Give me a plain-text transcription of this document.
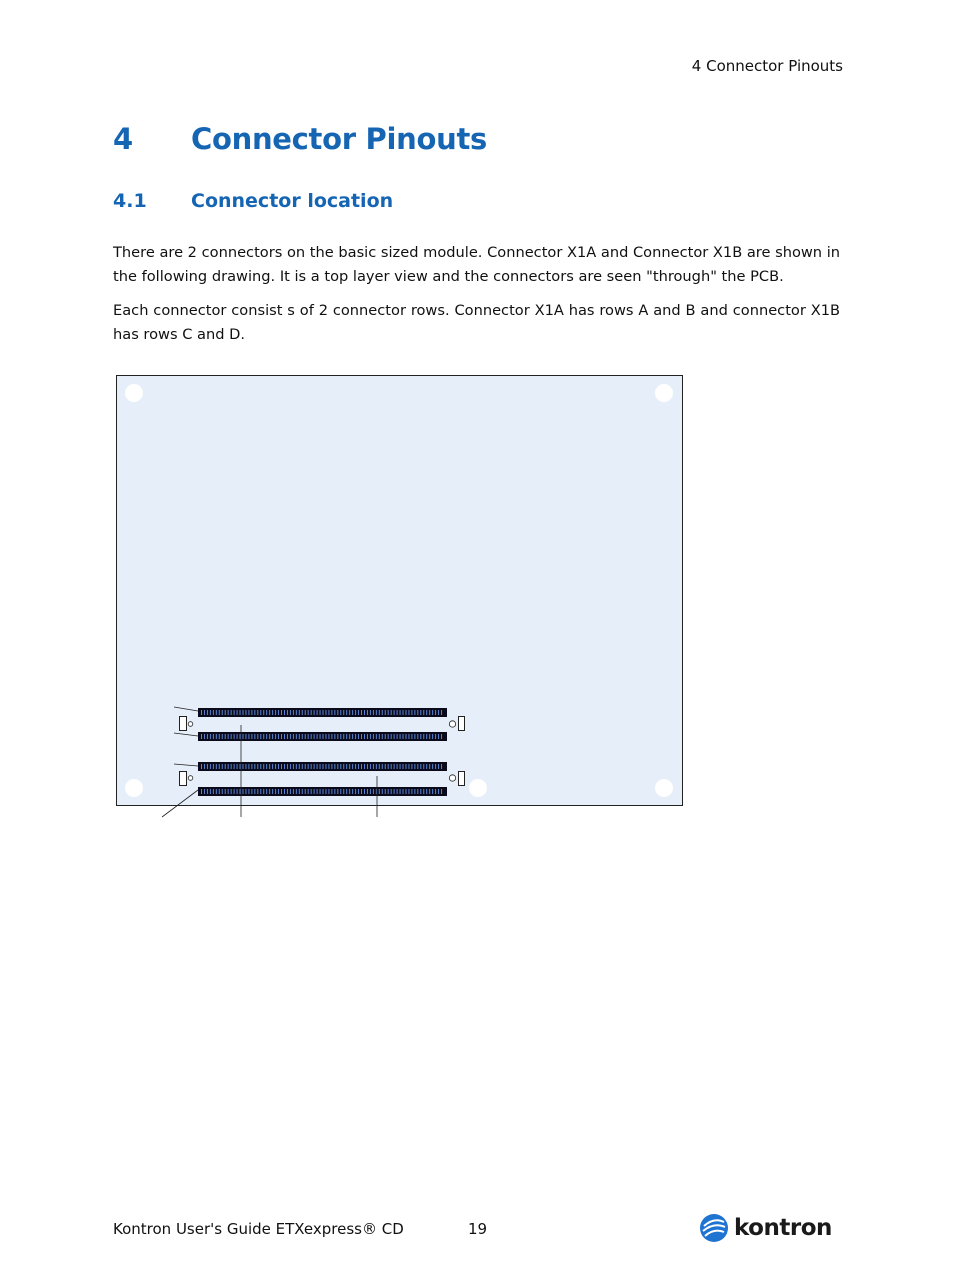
4 Connector Pinouts
4 Connector Pinouts
4.1 Connector location

There are 2 connectors on the basic sized module. Connector X1A and Connector X1B are shown in the following drawing. It is a top layer view and the connectors are seen "through" the PCB.

Each connector consist s of 2 connector rows. Connector X1A has rows A and B and connector X1B has rows C and D.

Kontron User's Guide ETXexpress® CD	19	kontron
